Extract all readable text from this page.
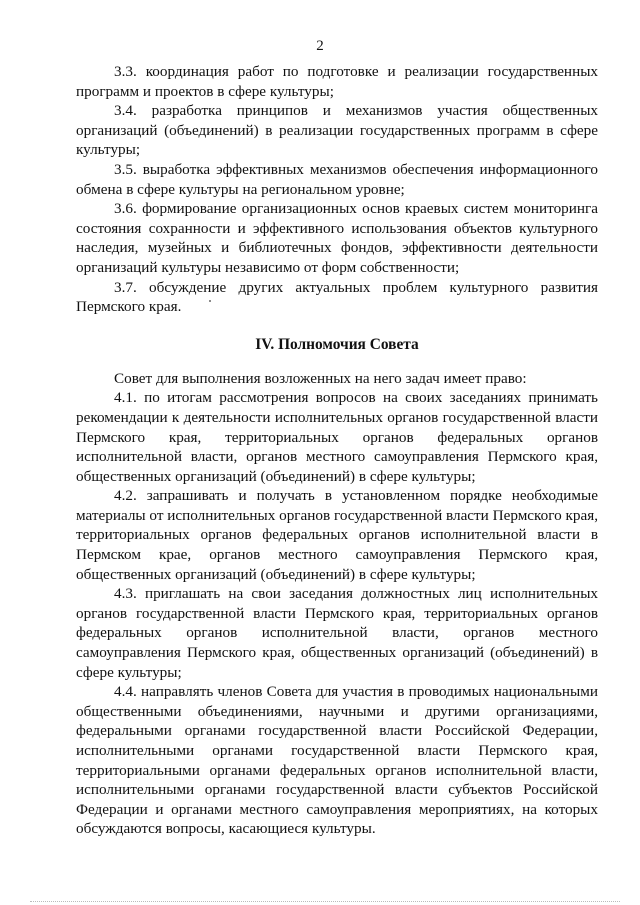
2

3.3. координация работ по подготовке и реализации государственных программ и проектов в сфере культуры;

3.4. разработка принципов и механизмов участия общественных организаций (объединений) в реализации государственных программ в сфере культуры;

3.5. выработка эффективных механизмов обеспечения информационного обмена в сфере культуры на региональном уровне;

3.6. формирование организационных основ краевых систем мониторинга состояния сохранности и эффективного использования объектов культурного наследия, музейных и библиотечных фондов, эффективности деятельности организаций культуры независимо от форм собственности;

3.7. обсуждение других актуальных проблем культурного развития Пермского края.

IV. Полномочия Совета

Совет для выполнения возложенных на него задач имеет право:

4.1. по итогам рассмотрения вопросов на своих заседаниях принимать рекомендации к деятельности исполнительных органов государственной власти Пермского края, территориальных органов федеральных органов исполнительной власти, органов местного самоуправления Пермского края, общественных организаций (объединений) в сфере культуры;

4.2. запрашивать и получать в установленном порядке необходимые материалы от исполнительных органов государственной власти Пермского края, территориальных органов федеральных органов исполнительной власти в Пермском крае, органов местного самоуправления Пермского края, общественных организаций (объединений) в сфере культуры;

4.3. приглашать на свои заседания должностных лиц исполнительных органов государственной власти Пермского края, территориальных органов федеральных органов исполнительной власти, органов местного самоуправления Пермского края, общественных организаций (объединений) в сфере культуры;

4.4. направлять членов Совета для участия в проводимых национальными общественными объединениями, научными и другими организациями, федеральными органами государственной власти Российской Федерации, исполнительными органами государственной власти Пермского края, территориальными органами федеральных органов исполнительной власти, исполнительными органами государственной власти субъектов Российской Федерации и органами местного самоуправления мероприятиях, на которых обсуждаются вопросы, касающиеся культуры.
